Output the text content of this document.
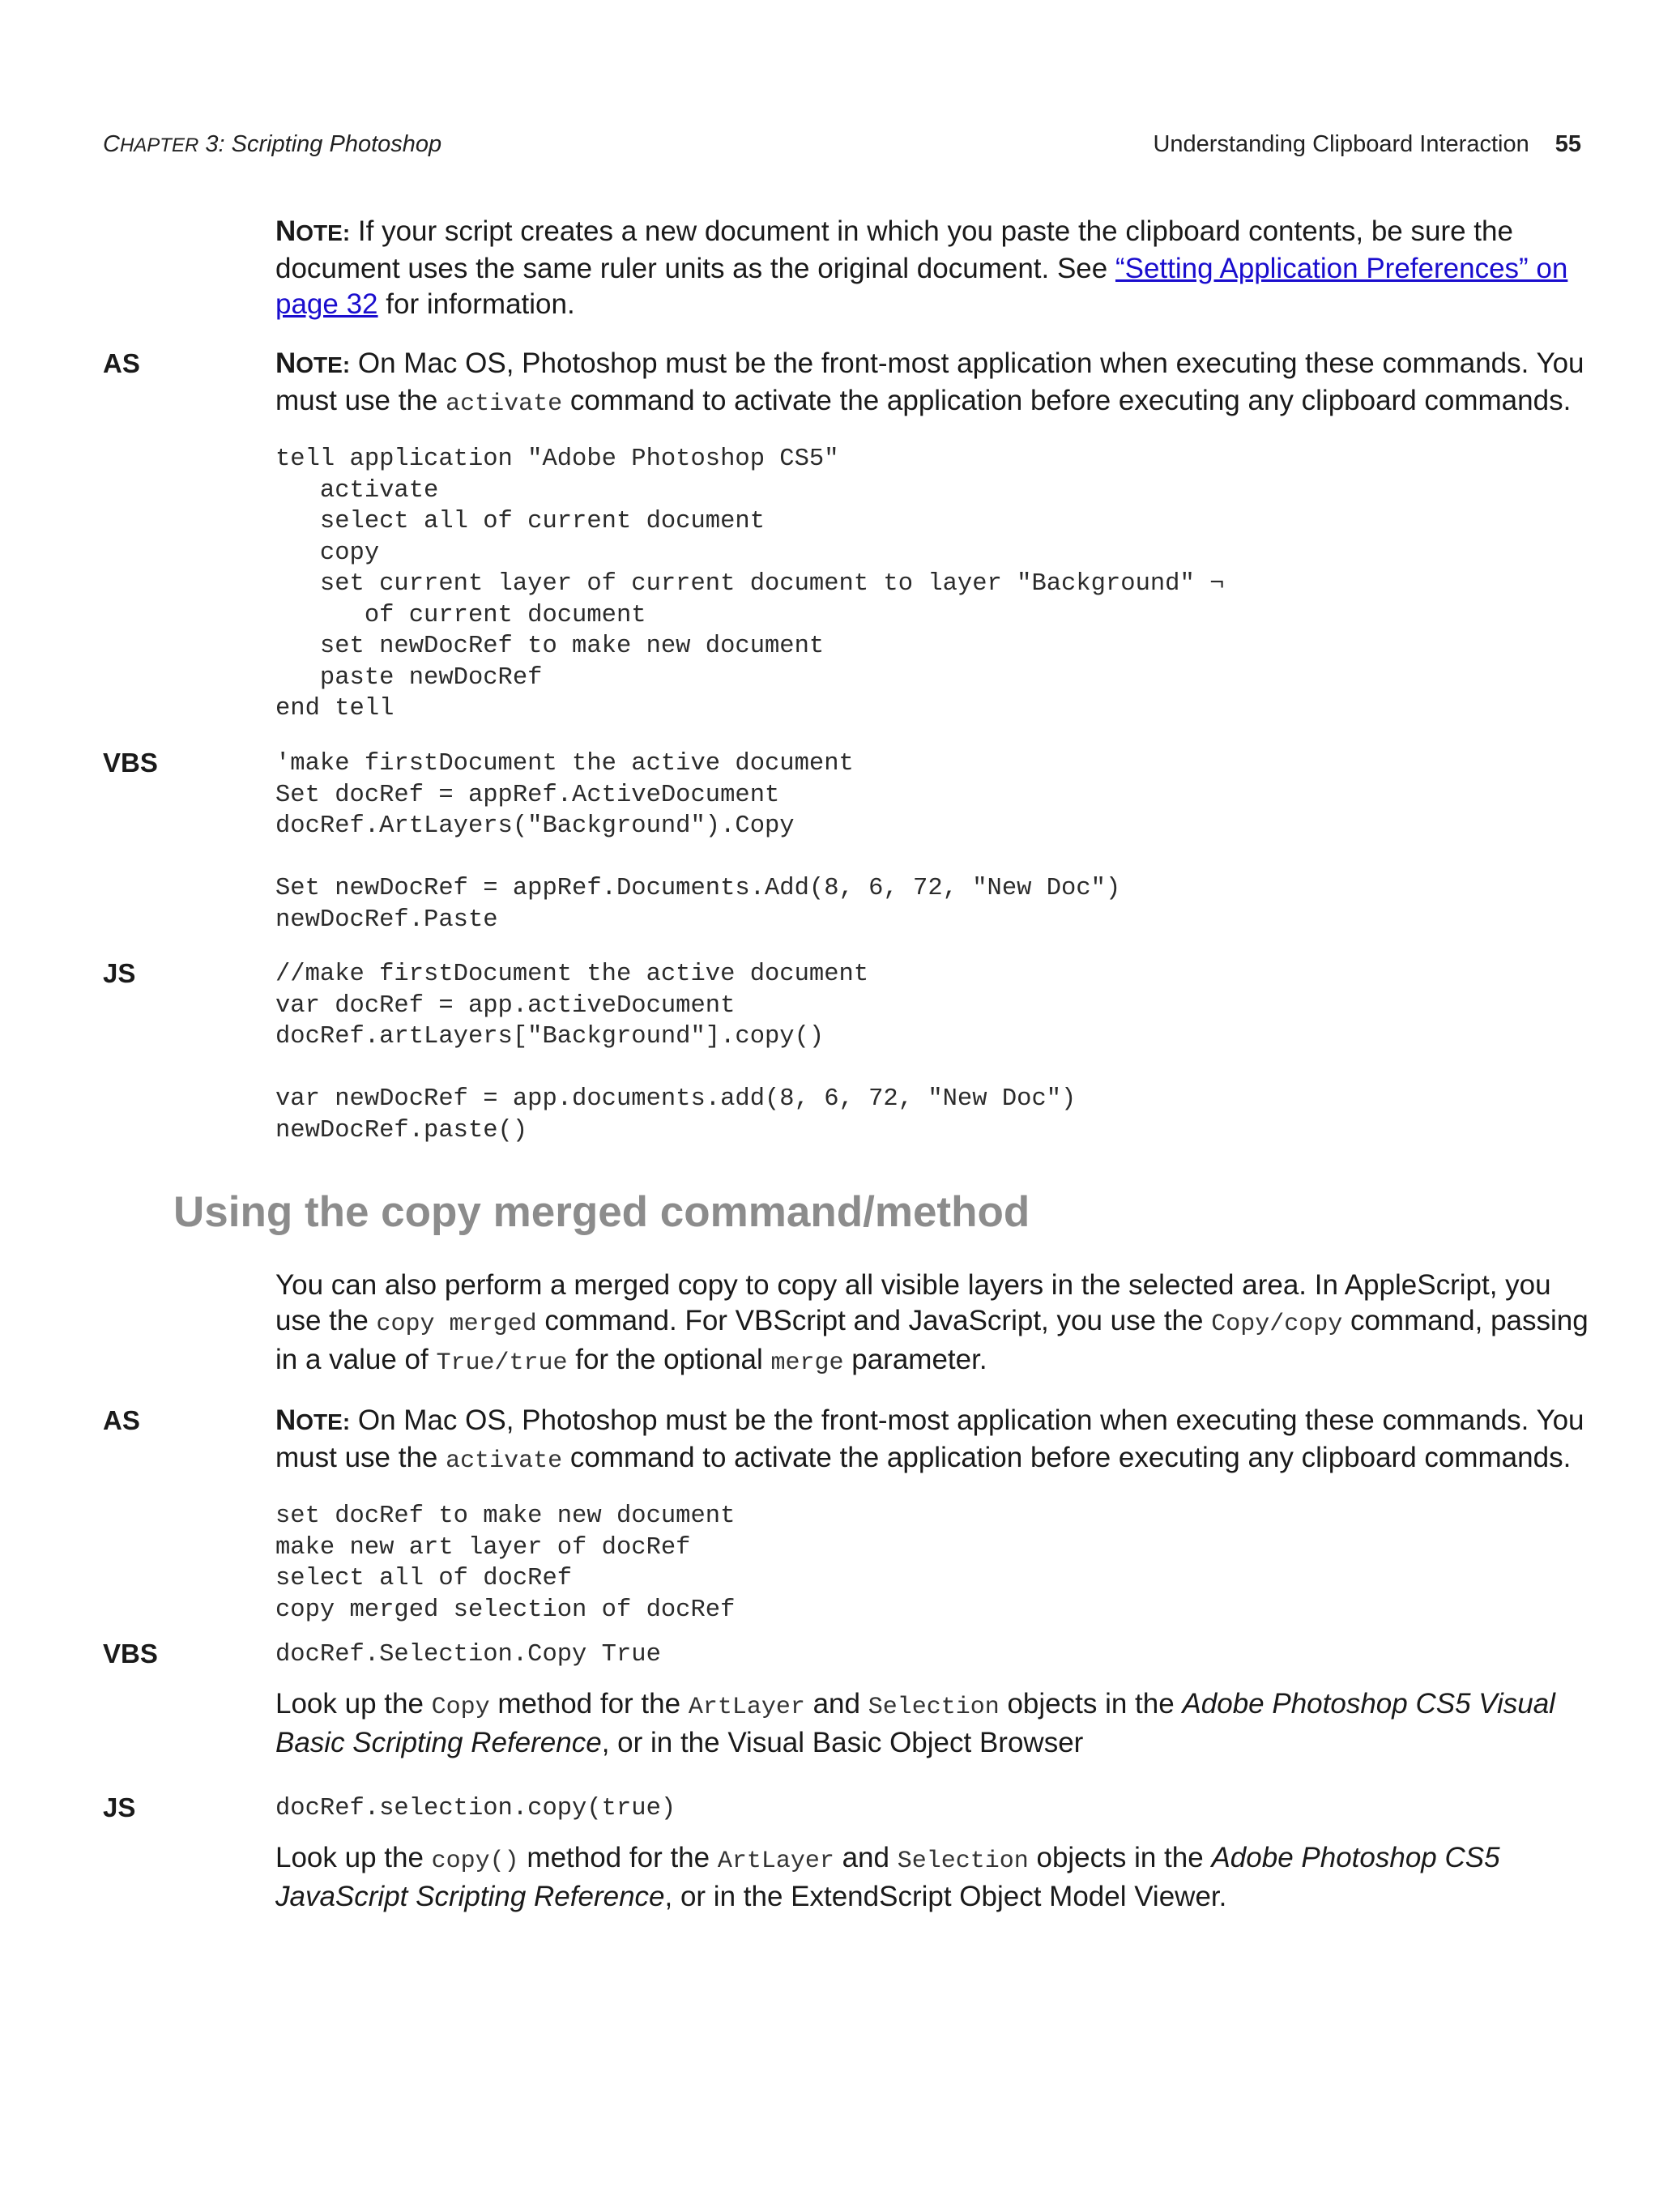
CHAPTER 3: Scripting Photoshop	Understanding Clipboard Interaction 55
NOTE: If your script creates a new document in which you paste the clipboard contents, be sure the document uses the same ruler units as the original document. See “Setting Application Preferences” on page 32 for information.
AS	NOTE: On Mac OS, Photoshop must be the front-most application when executing these commands. You must use the activate command to activate the application before executing any clipboard commands.
tell application "Adobe Photoshop CS5"
activate
select all of current document
copy
set current layer of current document to layer "Background" ¬
of current document
set newDocRef to make new document
paste newDocRef
end tell
VBS	'make firstDocument the active document
Set docRef = appRef.ActiveDocument
docRef.ArtLayers("Background").Copy

Set newDocRef = appRef.Documents.Add(8, 6, 72, "New Doc")
newDocRef.Paste
JS	//make firstDocument the active document
var docRef = app.activeDocument
docRef.artLayers["Background"].copy()

var newDocRef = app.documents.add(8, 6, 72, "New Doc")
newDocRef.paste()
Using the copy merged command/method
You can also perform a merged copy to copy all visible layers in the selected area. In AppleScript, you use the copy merged command. For VBScript and JavaScript, you use the Copy/copy command, passing in a value of True/true for the optional merge parameter.
AS	NOTE: On Mac OS, Photoshop must be the front-most application when executing these commands. You must use the activate command to activate the application before executing any clipboard commands.
set docRef to make new document
make new art layer of docRef
select all of docRef
copy merged selection of docRef
VBS	docRef.Selection.Copy True
Look up the Copy method for the ArtLayer and Selection objects in the Adobe Photoshop CS5 Visual Basic Scripting Reference, or in the Visual Basic Object Browser
JS	docRef.selection.copy(true)
Look up the copy() method for the ArtLayer and Selection objects in the Adobe Photoshop CS5 JavaScript Scripting Reference, or in the ExtendScript Object Model Viewer.
